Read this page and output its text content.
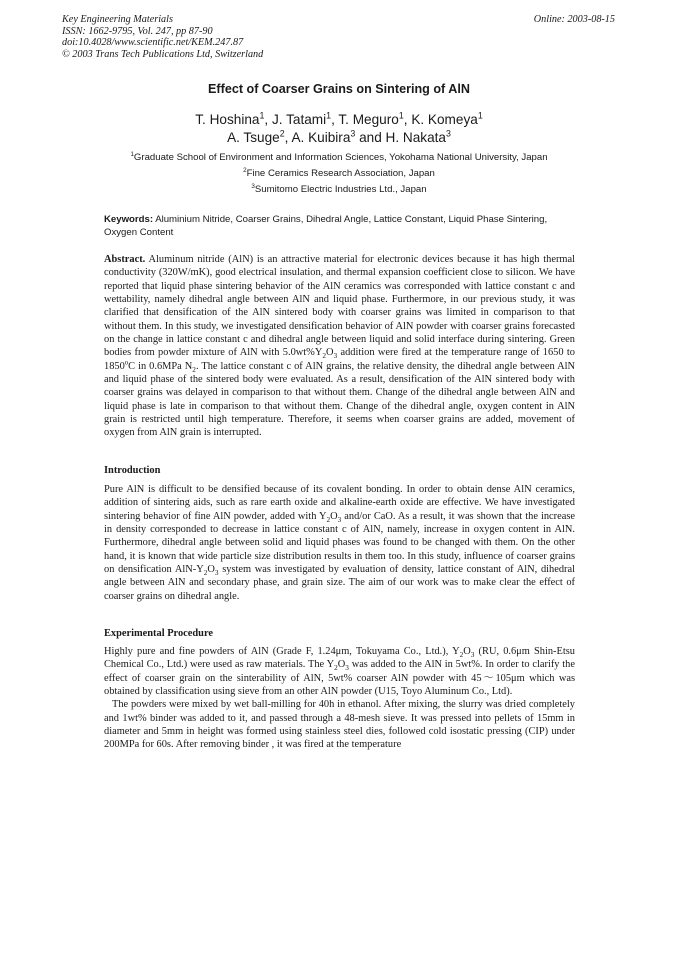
Key Engineering Materials
ISSN: 1662-9795, Vol. 247, pp 87-90
doi:10.4028/www.scientific.net/KEM.247.87
© 2003 Trans Tech Publications Ltd, Switzerland
Online: 2003-08-15
Effect of Coarser Grains on Sintering of AlN
T. Hoshina$^1$, J. Tatami$^1$, T. Meguro$^1$, K. Komeya$^1$
A. Tsuge$^2$, A. Kuibira$^3$ and H. Nakata$^3$
$^1$Graduate School of Environment and Information Sciences, Yokohama National University, Japan
$^2$Fine Ceramics Research Association, Japan
$^3$Sumitomo Electric Industries Ltd., Japan
Keywords: Aluminium Nitride, Coarser Grains, Dihedral Angle, Lattice Constant, Liquid Phase Sintering, Oxygen Content
Abstract. Aluminum nitride (AlN) is an attractive material for electronic devices because it has high thermal conductivity (320W/mK), good electrical insulation, and thermal expansion coefficient close to silicon. We have reported that liquid phase sintering behavior of the AlN ceramics was corresponded with lattice constant c and wettability, namely dihedral angle between AlN and liquid phase. Furthermore, in our previous study, it was clarified that densification of the AlN sintered body with coarser grains was limited in comparison to that without them. In this study, we investigated densification behavior of AlN powder with coarser grains forecasted on the change in lattice constant c and dihedral angle between liquid and solid interface during sintering. Green bodies from powder mixture of AlN with $5.0wt\%Y_2O_3$ addition were fired at the temperature range of 1650 to 1850$^o$C in 0.6MPa $N_2$. The lattice constant c of AlN grains, the relative density, the dihedral angle between AlN and liquid phase of the sintered body were evaluated. As a result, densification of the AlN sintered body with coarser grains was delayed in comparison to that without them. Change of the dihedral angle between AlN and liquid phase is late in comparison to that without them. Change of the dihedral angle, oxygen content in AlN grain is restricted until high temperature. Therefore, it seems when coarser grains are added, movement of oxygen from AlN grain is interrupted.
Introduction
Pure AlN is difficult to be densified because of its covalent bonding. In order to obtain dense AlN ceramics, addition of sintering aids, such as rare earth oxide and alkaline-earth oxide are effective. We have investigated sintering behavior of fine AlN powder, added with $Y_2O_3$ and/or CaO. As a result, it was shown that the increase in density corresponded to decrease in lattice constant c of AlN, namely, increase in oxygen content in AlN. Furthermore, dihedral angle between solid and liquid phases was found to be changed with them. On the other hand, it is known that wide particle size distribution results in them too. In this study, influence of coarser grains on densification AlN-$Y_2O_3$ system was investigated by evaluation of density, lattice constant of AlN, dihedral angle between AlN and secondary phase, and grain size. The aim of our work was to make clear the effect of coarser grains on dihedral angle.
Experimental Procedure
Highly pure and fine powders of AlN (Grade F, 1.24μm, Tokuyama Co., Ltd.), $Y_2O_3$ (RU, 0.6μm Shin-Etsu Chemical Co., Ltd.) were used as raw materials. The $Y_2O_3$ was added to the AlN in 5wt%. In order to clarify the effect of coarser grain on the sinterability of AlN, 5wt% coarser AlN powder with 45～105μm which was obtained by classification using sieve from an other AlN powder (U15, Toyo Aluminum Co., Ltd).
The powders were mixed by wet ball-milling for 40h in ethanol. After mixing, the slurry was dried completely and 1wt% binder was added to it, and passed through a 48-mesh sieve. It was pressed into pellets of 15mm in diameter and 5mm in height was formed using stainless steel dies, followed cold isostatic pressing (CIP) under 200MPa for 60s. After removing binder , it was fired at the temperature
